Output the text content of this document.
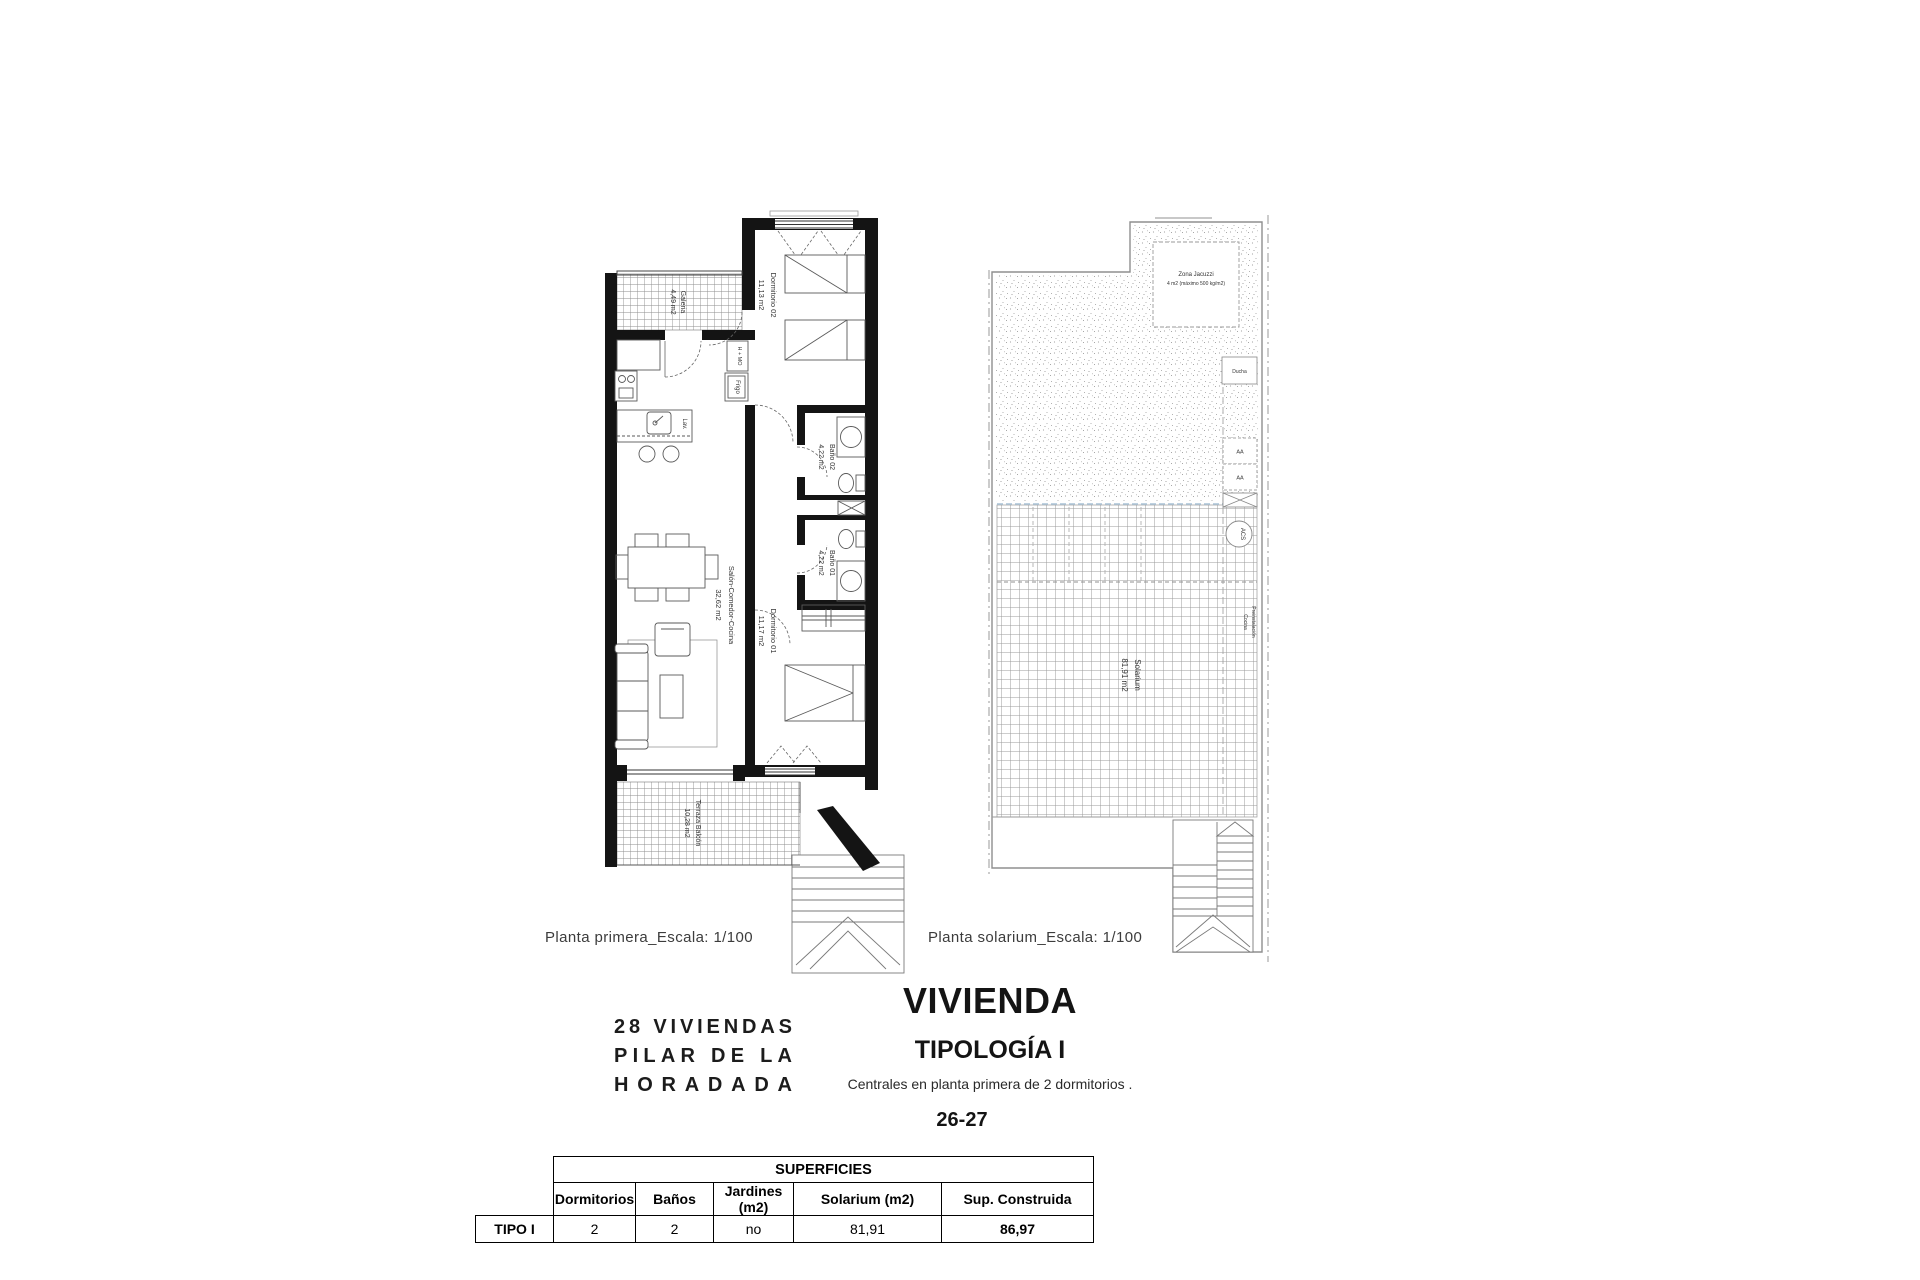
Galeria
4,49 m2	Dormitorio 02
11,13 m2
H + MO
Frigo
Lav.
Baño 02
4,22 m2
Baño 01
4,22 m2
Salón-Comedor-Cocina
32,62 m2
Dormitorio 01
11,17 m2
Terraza Balcón
10,28 m2
Zona Jacuzzi
4 m2 (máximo 500 kg/m2)
Ducha
AA
AA
ACS
Preinstalación
Cocina
Solarium
81,91 m2
Planta primera_Escala: 1/100	Planta solarium_Escala: 1/100
2 8
V I V I E N D A S
P I L A R
D E
L A
H O R A D A D A
VIVIENDA
TIPOLOGÍA I
Centrales en planta primera de 2 dormitorios .
26-27
	SUPERFICIES				
	Dormitorios	Baños	Jardines (m2)	Solarium (m2)	Sup. Construida
TIPO I	2	2	no	81,91	86,97
